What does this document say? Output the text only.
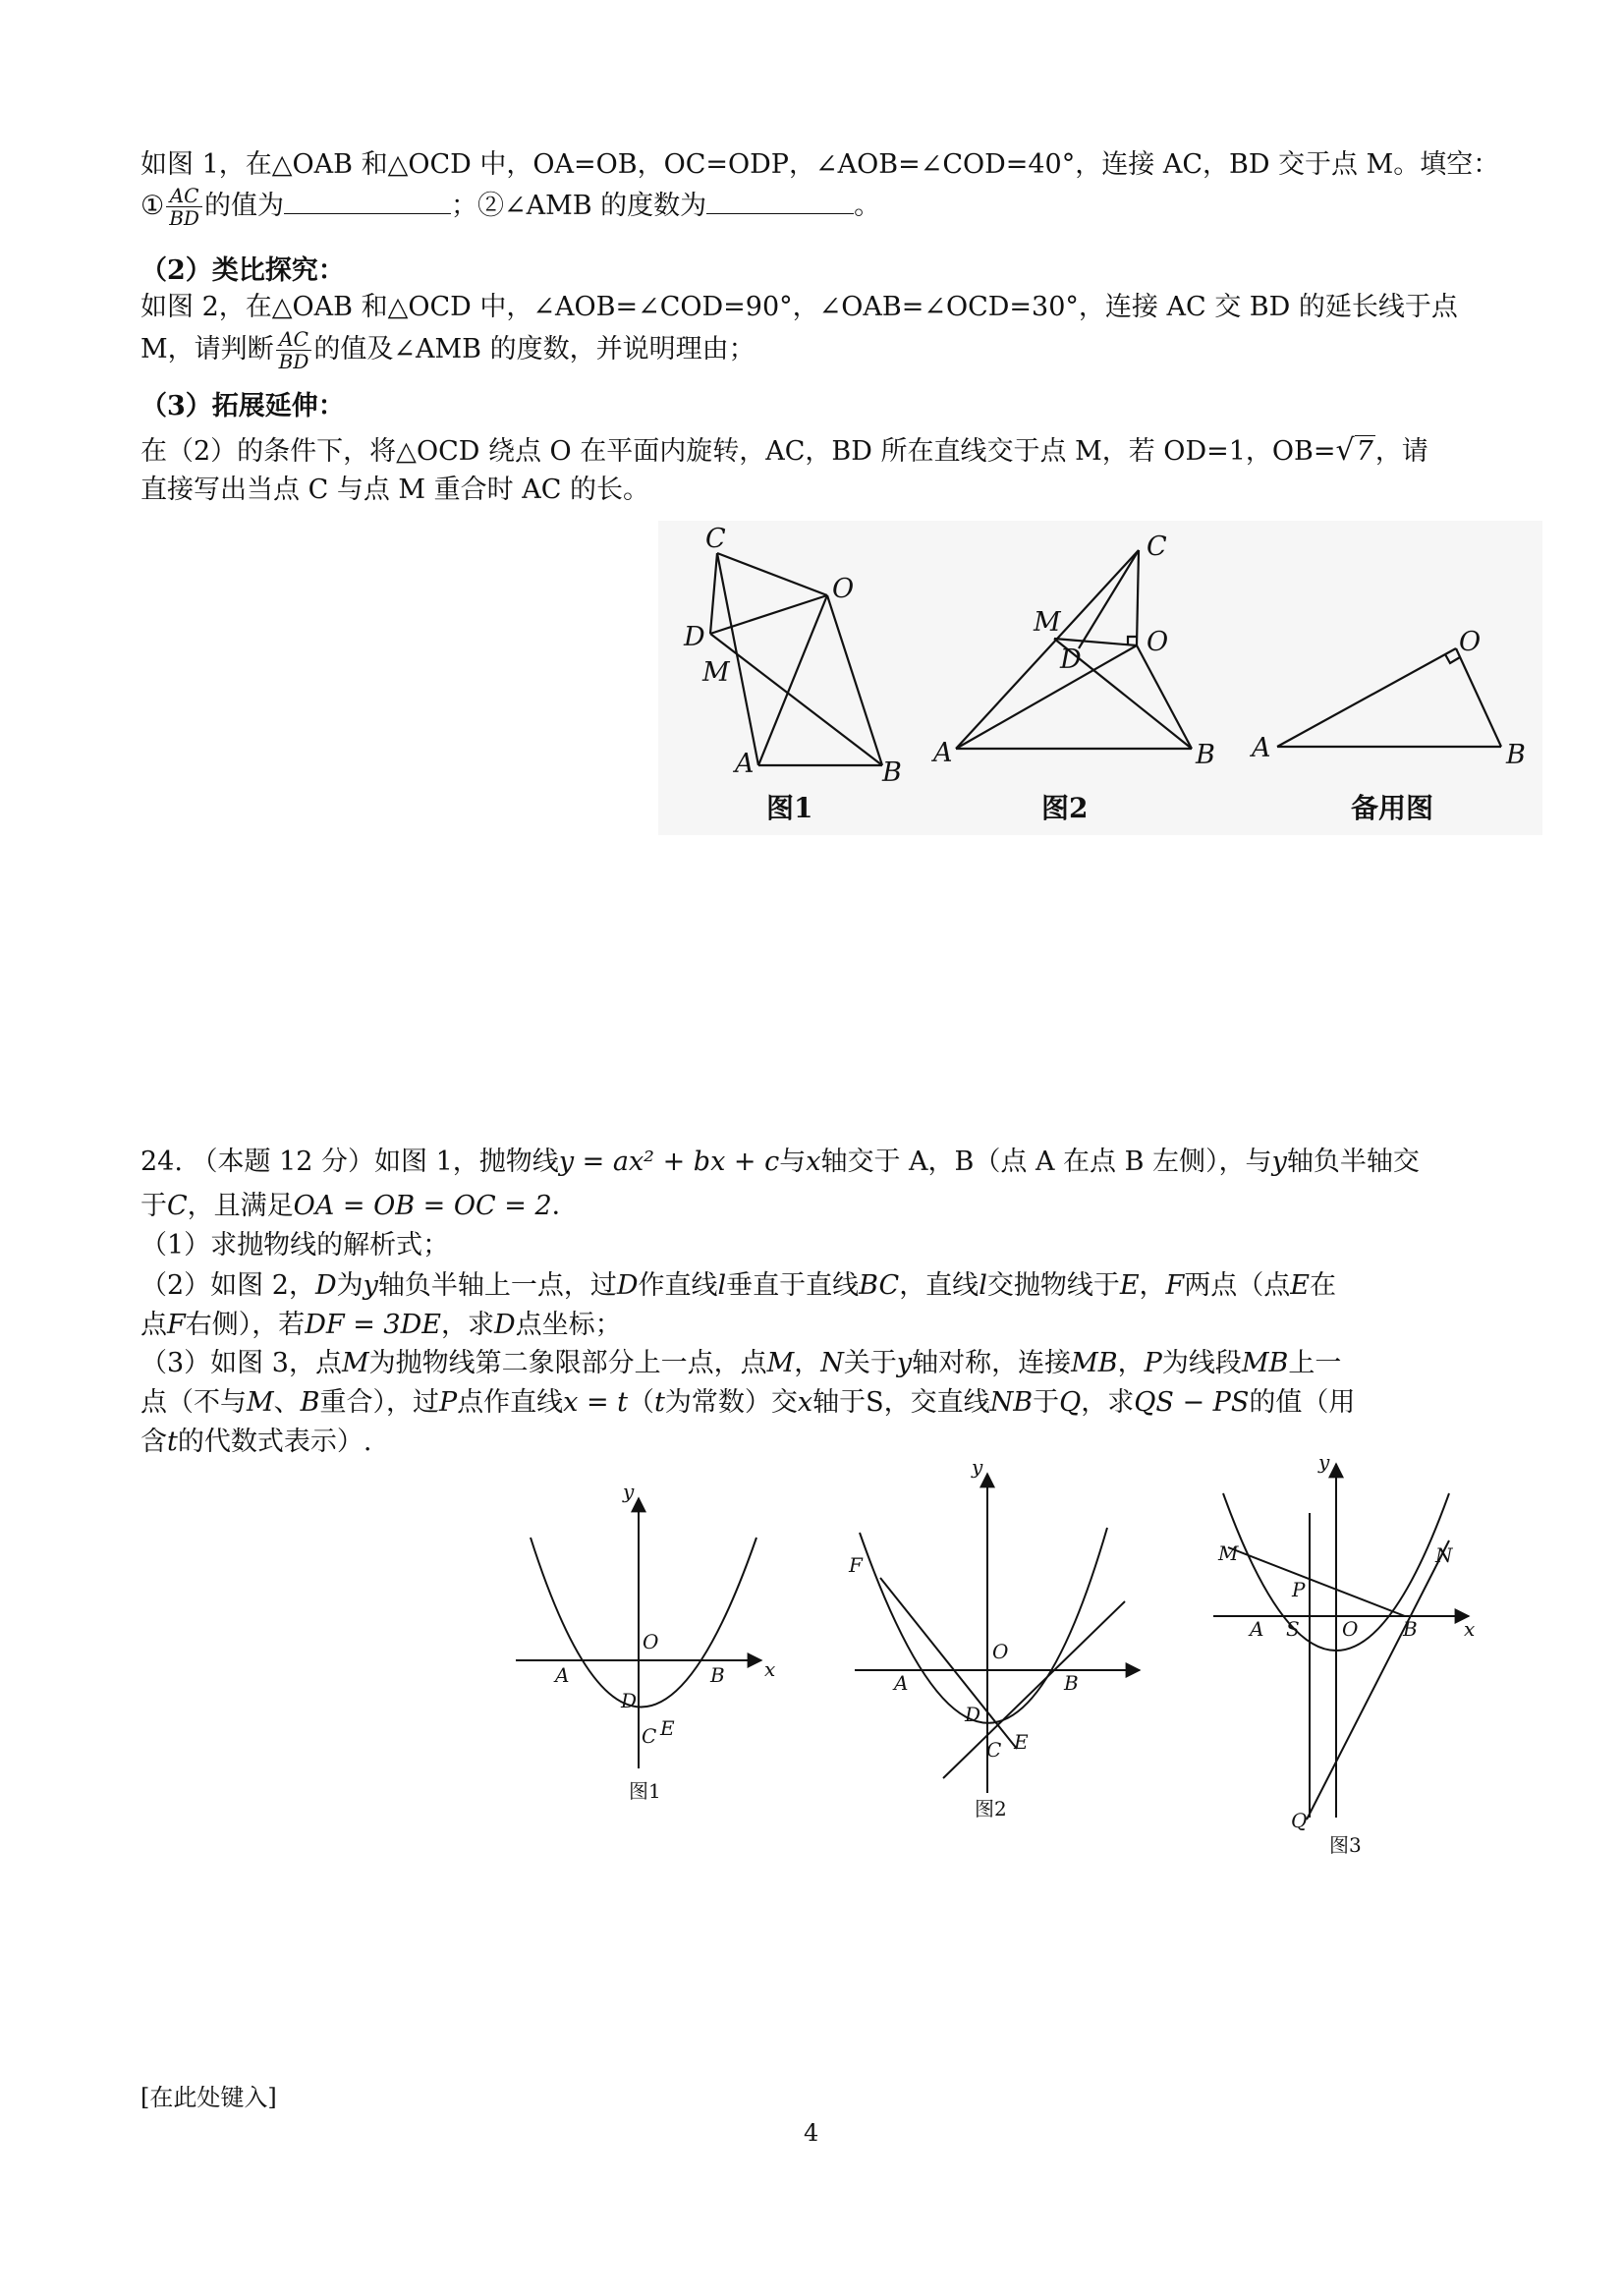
如图 1，在△OAB 和△OCD 中，OA=OB，OC=ODP，∠AOB=∠COD=40°，连接 AC，BD 交于点 M。填空：
① $\frac{AC}{BD}$ 的值为	；②∠AMB 的度数为	。
（2）类比探究：
如图 2，在△OAB 和△OCD 中，∠AOB=∠COD=90°，∠OAB=∠OCD=30°，连接 AC 交 BD 的延长线于点
M，请判断 $\frac{AC}{BD}$ 的值及∠AMB 的度数，并说明理由；
（3）拓展延伸：
在（2）的条件下，将△OCD 绕点 O 在平面内旋转，AC，BD 所在直线交于点 M，若 OD=1，OB=√7，请
直接写出当点 C 与点 M 重合时 AC 的长。
C
O
D
M
A	B
图1
C
M
O
D
A	B
图2
A
O
B
备用图
24. （本题 12 分）如图 1，抛物线y = ax² + bx + c与x轴交于 A，B（点 A 在点 B 左侧），与y轴负半轴交
于C，且满足OA = OB = OC = 2．
（1）求抛物线的解析式；
（2）如图 2，D为y轴负半轴上一点，过D作直线l垂直于直线BC，直线l交抛物线于E，F两点（点E在
点F右侧），若DF = 3DE，求D点坐标；
（3）如图 3，点M为抛物线第二象限部分上一点，点M，N关于y轴对称，连接MB，P为线段MB上一
点（不与M、B重合），过P点作直线x = t（t为常数）交x轴于S，交直线NB于Q，求QS − PS的值（用
含t的代数式表示）.
y
x
O
A	B
D
C E
图1
y
F
O
A	B
D
C E
图2
y
M	N
P
A S O B x
Q
图3
[在此处键入]
4
